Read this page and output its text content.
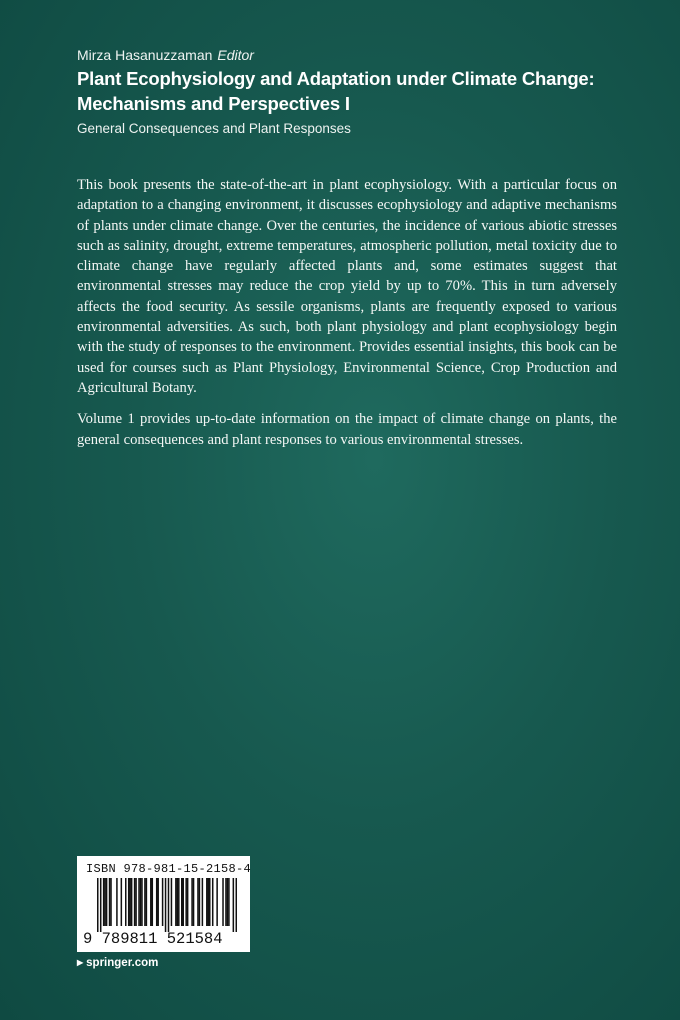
Mirza Hasanuzzaman Editor
Plant Ecophysiology and Adaptation under Climate Change:
Mechanisms and Perspectives I
General Consequences and Plant Responses

This book presents the state-of-the-art in plant ecophysiology. With a particular focus on adaptation to a changing environment, it discusses ecophysiology and adaptive mechanisms of plants under climate change. Over the centuries, the incidence of various abiotic stresses such as salinity, drought, extreme temperatures, atmospheric pollution, metal toxicity due to climate change have regularly affected plants and, some estimates suggest that environmental stresses may reduce the crop yield by up to 70%. This in turn adversely affects the food security. As sessile organisms, plants are frequently exposed to various environmental adversities. As such, both plant physiology and plant ecophysiology begin with the study of responses to the environment. Provides essential insights, this book can be used for courses such as Plant Physiology, Environmental Science, Crop Production and Agricultural Botany.

Volume 1 provides up-to-date information on the impact of climate change on plants, the general consequences and plant responses to various environmental stresses.

ISBN 978-981-15-2158-4
9 789811 521584
▶ springer.com
